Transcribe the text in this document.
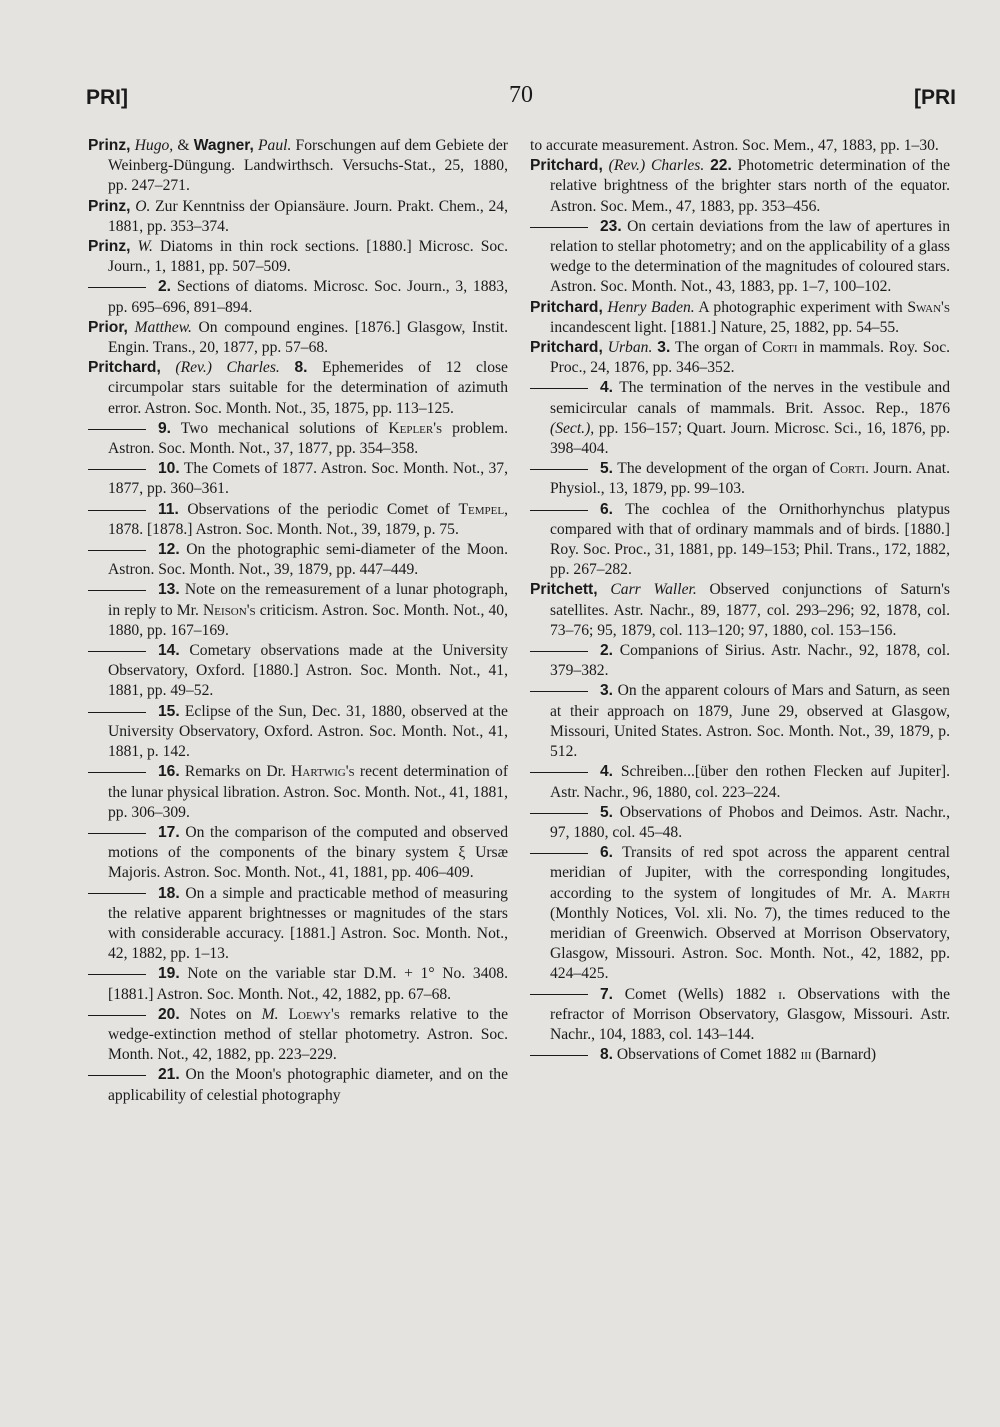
PRI]	70	[PRI

Prinz, Hugo, & Wagner, Paul. Forschungen auf dem Gebiete der Weinberg-Düngung. Landwirthsch. Versuchs-Stat., 25, 1880, pp. 247–271.

Prinz, O. Zur Kenntniss der Opiansäure. Journ. Prakt. Chem., 24, 1881, pp. 353–374.

Prinz, W. Diatoms in thin rock sections. [1880.] Microsc. Soc. Journ., 1, 1881, pp. 507–509.

2. Sections of diatoms. Microsc. Soc. Journ., 3, 1883, pp. 695–696, 891–894.

Prior, Matthew. On compound engines. [1876.] Glasgow, Instit. Engin. Trans., 20, 1877, pp. 57–68.

Pritchard, (Rev.) Charles. 8. Ephemerides of 12 close circumpolar stars suitable for the determination of azimuth error. Astron. Soc. Month. Not., 35, 1875, pp. 113–125.

9. Two mechanical solutions of Kepler's problem. Astron. Soc. Month. Not., 37, 1877, pp. 354–358.

10. The Comets of 1877. Astron. Soc. Month. Not., 37, 1877, pp. 360–361.

11. Observations of the periodic Comet of Tempel, 1878. [1878.] Astron. Soc. Month. Not., 39, 1879, p. 75.

12. On the photographic semi-diameter of the Moon. Astron. Soc. Month. Not., 39, 1879, pp. 447–449.

13. Note on the remeasurement of a lunar photograph, in reply to Mr. Neison's criticism. Astron. Soc. Month. Not., 40, 1880, pp. 167–169.

14. Cometary observations made at the University Observatory, Oxford. [1880.] Astron. Soc. Month. Not., 41, 1881, pp. 49–52.

15. Eclipse of the Sun, Dec. 31, 1880, observed at the University Observatory, Oxford. Astron. Soc. Month. Not., 41, 1881, p. 142.

16. Remarks on Dr. Hartwig's recent determination of the lunar physical libration. Astron. Soc. Month. Not., 41, 1881, pp. 306–309.

17. On the comparison of the computed and observed motions of the components of the binary system ξ Ursæ Majoris. Astron. Soc. Month. Not., 41, 1881, pp. 406–409.

18. On a simple and practicable method of measuring the relative apparent brightnesses or magnitudes of the stars with considerable accuracy. [1881.] Astron. Soc. Month. Not., 42, 1882, pp. 1–13.

19. Note on the variable star D.M. + 1° No. 3408. [1881.] Astron. Soc. Month. Not., 42, 1882, pp. 67–68.

20. Notes on M. Loewy's remarks relative to the wedge-extinction method of stellar photometry. Astron. Soc. Month. Not., 42, 1882, pp. 223–229.

21. On the Moon's photographic diameter, and on the applicability of celestial photography

to accurate measurement. Astron. Soc. Mem., 47, 1883, pp. 1–30.

Pritchard, (Rev.) Charles. 22. Photometric determination of the relative brightness of the brighter stars north of the equator. Astron. Soc. Mem., 47, 1883, pp. 353–456.

23. On certain deviations from the law of apertures in relation to stellar photometry; and on the applicability of a glass wedge to the determination of the magnitudes of coloured stars. Astron. Soc. Month. Not., 43, 1883, pp. 1–7, 100–102.

Pritchard, Henry Baden. A photographic experiment with Swan's incandescent light. [1881.] Nature, 25, 1882, pp. 54–55.

Pritchard, Urban. 3. The organ of Corti in mammals. Roy. Soc. Proc., 24, 1876, pp. 346–352.

4. The termination of the nerves in the vestibule and semicircular canals of mammals. Brit. Assoc. Rep., 1876 (Sect.), pp. 156–157; Quart. Journ. Microsc. Sci., 16, 1876, pp. 398–404.

5. The development of the organ of Corti. Journ. Anat. Physiol., 13, 1879, pp. 99–103.

6. The cochlea of the Ornithorhynchus platypus compared with that of ordinary mammals and of birds. [1880.] Roy. Soc. Proc., 31, 1881, pp. 149–153; Phil. Trans., 172, 1882, pp. 267–282.

Pritchett, Carr Waller. Observed conjunctions of Saturn's satellites. Astr. Nachr., 89, 1877, col. 293–296; 92, 1878, col. 73–76; 95, 1879, col. 113–120; 97, 1880, col. 153–156.

2. Companions of Sirius. Astr. Nachr., 92, 1878, col. 379–382.

3. On the apparent colours of Mars and Saturn, as seen at their approach on 1879, June 29, observed at Glasgow, Missouri, United States. Astron. Soc. Month. Not., 39, 1879, p. 512.

4. Schreiben...[über den rothen Flecken auf Jupiter]. Astr. Nachr., 96, 1880, col. 223–224.

5. Observations of Phobos and Deimos. Astr. Nachr., 97, 1880, col. 45–48.

6. Transits of red spot across the apparent central meridian of Jupiter, with the corresponding longitudes, according to the system of longitudes of Mr. A. Marth (Monthly Notices, Vol. xli. No. 7), the times reduced to the meridian of Greenwich. Observed at Morrison Observatory, Glasgow, Missouri. Astron. Soc. Month. Not., 42, 1882, pp. 424–425.

7. Comet (Wells) 1882 i. Observations with the refractor of Morrison Observatory, Glasgow, Missouri. Astr. Nachr., 104, 1883, col. 143–144.

8. Observations of Comet 1882 iii (Barnard)
